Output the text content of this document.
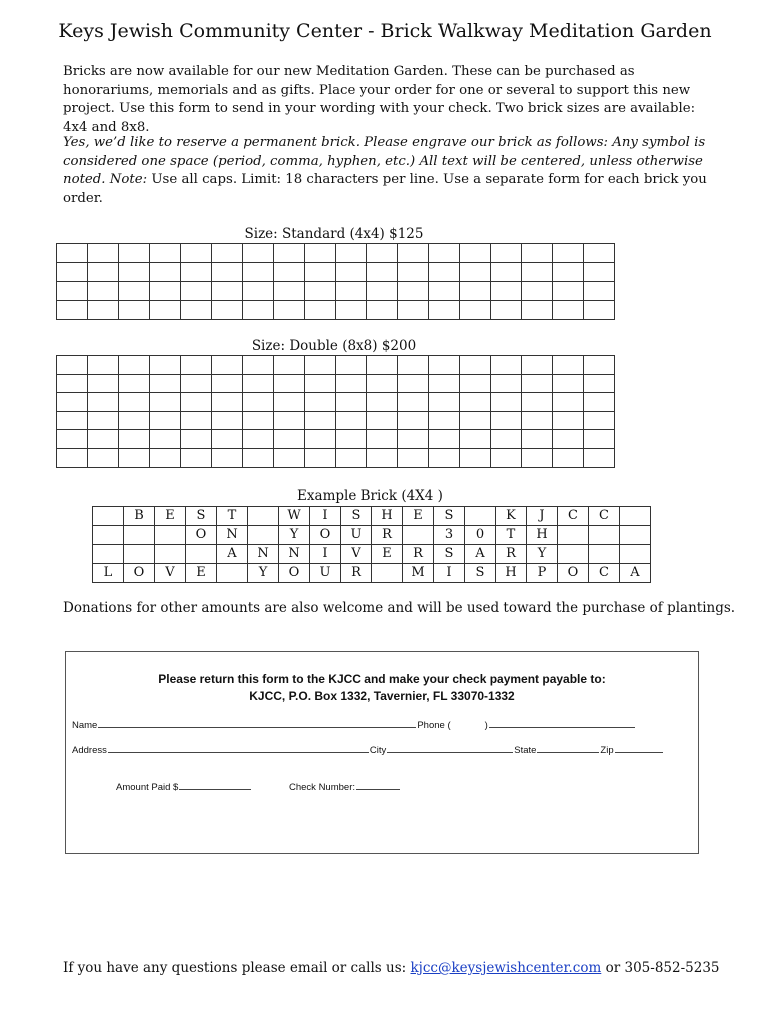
Keys Jewish Community Center - Brick Walkway Meditation Garden
Bricks are now available for our new Meditation Garden. These can be purchased as honorariums, memorials and as gifts. Place your order for one or several to support this new project. Use this form to send in your wording with your check. Two brick sizes are available: 4x4 and 8x8.
Yes, we’d like to reserve a permanent brick. Please engrave our brick as follows: Any symbol is considered one space (period, comma, hyphen, etc.) All text will be centered, unless otherwise noted. Note: Use all caps. Limit: 18 characters per line. Use a separate form for each brick you order.
Size: Standard (4x4) $125

Size: Double (8x8) $200

Example Brick (4X4 )
	B	E	S	T		W	I	S	H	E	S		K	J	C	C	
			O	N		Y	O	U	R		3	0	T	H			
				A	N	N	I	V	E	R	S	A	R	Y			
L	O	V	E		Y	O	U	R		M	I	S	H	P	O	C	A
Donations for other amounts are also welcome and will be used toward the purchase of plantings.
Please return this form to the KJCC and make your check payment payable to:
KJCC, P.O. Box 1332, Tavernier, FL 33070-1332
Name	Phone (	)
Address	City	State	Zip
Amount Paid $	Check Number:
If you have any questions please email or calls us: kjcc@keysjewishcenter.com or 305-852-5235
